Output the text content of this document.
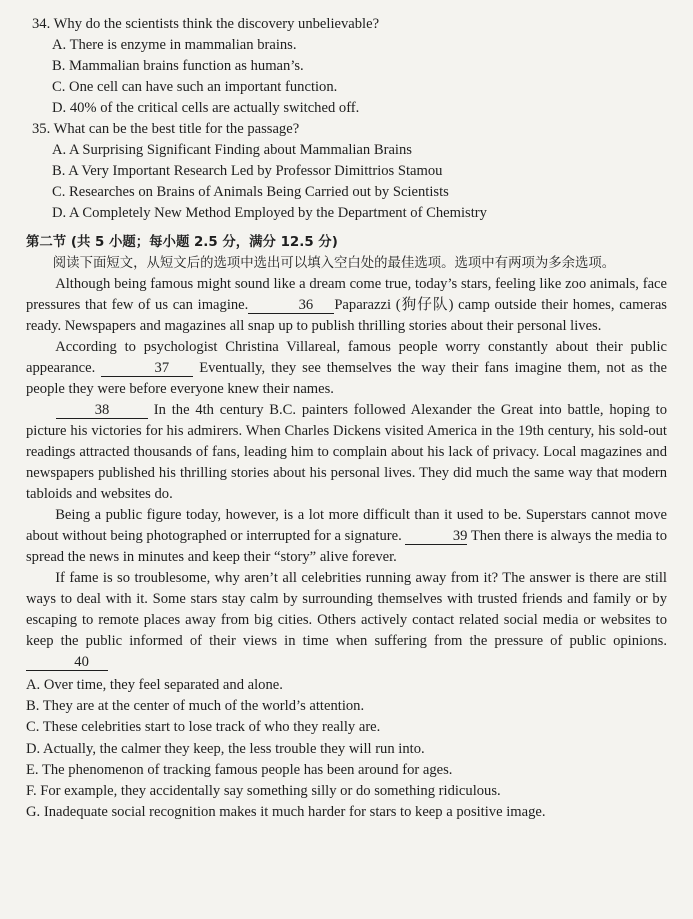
34. Why do the scientists think the discovery unbelievable?
A. There is enzyme in mammalian brains.
B. Mammalian brains function as human’s.
C. One cell can have such an important function.
D. 40% of the critical cells are actually switched off.
35. What can be the best title for the passage?
A. A Surprising Significant Finding about Mammalian Brains
B. A Very Important Research Led by Professor Dimittrios Stamou
C. Researches on Brains of Animals Being Carried out by Scientists
D. A Completely New Method Employed by the Department of Chemistry
第二节 (共 5 小题；每小题 2.5 分，满分 12.5 分)
阅读下面短文，从短文后的选项中选出可以填入空白处的最佳选项。选项中有两项为多余选项。
Although being famous might sound like a dream come true, today’s stars, feeling like zoo animals, face pressures that few of us can imagine.	36 Paparazzi (狗仔队) camp outside their homes, cameras ready. Newspapers and magazines all snap up to publish thrilling stories about their personal lives.
According to psychologist Christina Villareal, famous people worry constantly about their public appearance.	37 Eventually, they see themselves the way their fans imagine them, not as the people they were before everyone knew their names.
38	In the 4th century B.C. painters followed Alexander the Great into battle, hoping to picture his victories for his admirers. When Charles Dickens visited America in the 19th century, his sold-out readings attracted thousands of fans, leading him to complain about his lack of privacy. Local magazines and newspapers published his thrilling stories about his personal lives. They did much the same way that modern tabloids and websites do.
Being a public figure today, however, is a lot more difficult than it used to be. Superstars cannot move about without being photographed or interrupted for a signature.	39 Then there is always the media to spread the news in minutes and keep their “story” alive forever.
If fame is so troublesome, why aren’t all celebrities running away from it? The answer is there are still ways to deal with it. Some stars stay calm by surrounding themselves with trusted friends and family or by escaping to remote places away from big cities. Others actively contact related social media or websites to keep the public informed of their views in time when suffering from the pressure of public opinions.40
A. Over time, they feel separated and alone.
B. They are at the center of much of the world’s attention.
C. These celebrities start to lose track of who they really are.
D. Actually, the calmer they keep, the less trouble they will run into.
E. The phenomenon of tracking famous people has been around for ages.
F. For example, they accidentally say something silly or do something ridiculous.
G. Inadequate social recognition makes it much harder for stars to keep a positive image.
